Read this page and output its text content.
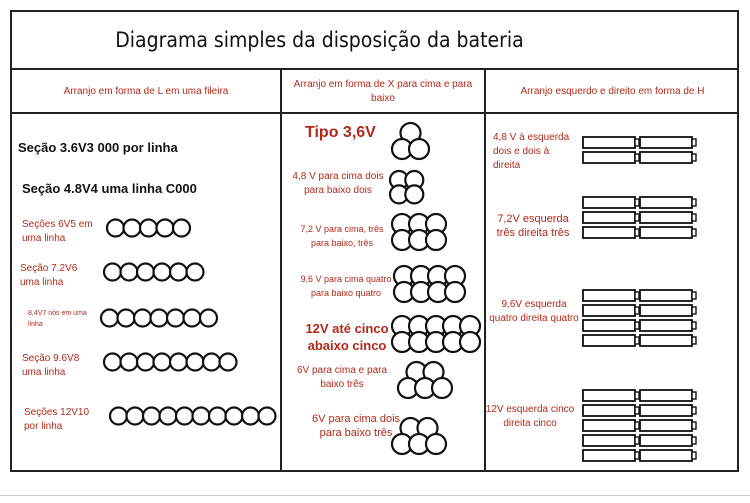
Diagrama simples da disposição da bateria
Arranjo em forma de L em uma fileira
Arranjo em forma de X para cima e para baixo
Arranjo esquerdo e direito em forma de H
Seção 3.6V3 000 por linha
Seção 4.8V4 uma linha C000
Seções 6V5 em uma linha
Seção 7.2V6 uma linha
8,4V7 nós em uma linha
Seção 9.6V8 uma linha
Seções 12V10 por linha
Tipo 3,6V
4,8 V para cima dois para baixo dois
7,2 V para cima, três para baixo, três
9,6 V para cima quatro para baixo quatro
12V até cinco abaixo cinco
6V para cima e para baixo três
6V para cima dois para baixo três
4,8 V à esquerda dois e dois à direita
7,2V esquerda três direita três
9,6V esquerda quatro direita quatro
12V esquerda cinco direita cinco
